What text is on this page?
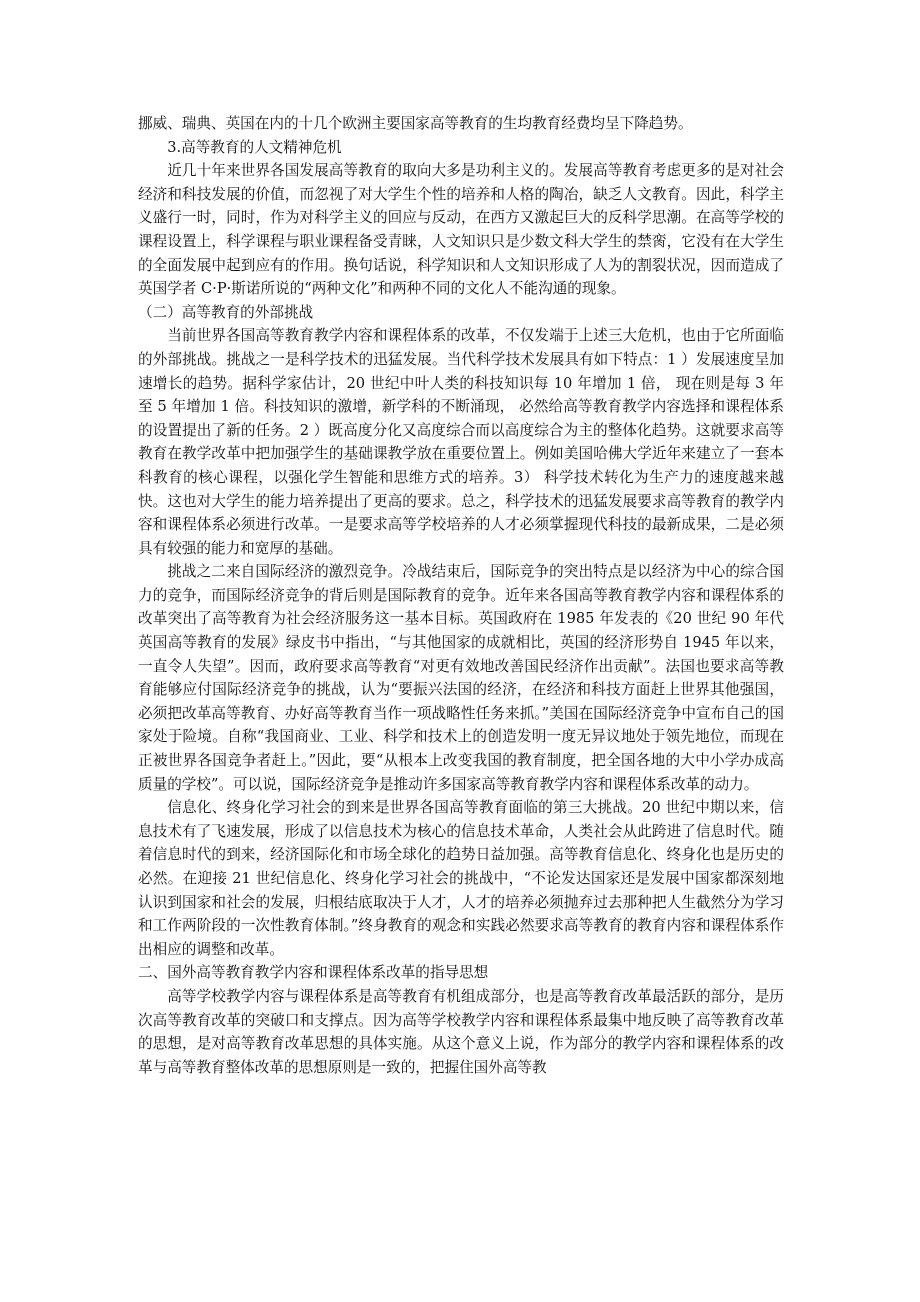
挪威、瑞典、英国在内的十几个欧洲主要国家高等教育的生均教育经费均呈下降趋势。

3.高等教育的人文精神危机

近几十年来世界各国发展高等教育的取向大多是功利主义的。发展高等教育考虑更多的是对社会经济和科技发展的价值，而忽视了对大学生个性的培养和人格的陶冶，缺乏人文教育。因此，科学主义盛行一时，同时，作为对科学主义的回应与反动，在西方又激起巨大的反科学思潮。在高等学校的课程设置上，科学课程与职业课程备受青睐，人文知识只是少数文科大学生的禁脔，它没有在大学生的全面发展中起到应有的作用。换句话说，科学知识和人文知识形成了人为的割裂状况，因而造成了英国学者 C·P·斯诺所说的“两种文化”和两种不同的文化人不能沟通的现象。

（二）高等教育的外部挑战

当前世界各国高等教育教学内容和课程体系的改革，不仅发端于上述三大危机，也由于它所面临的外部挑战。挑战之一是科学技术的迅猛发展。当代科学技术发展具有如下特点：1 ）发展速度呈加速增长的趋势。据科学家估计，20 世纪中叶人类的科技知识每 10 年增加 1 倍， 现在则是每 3 年至 5 年增加 1 倍。科技知识的激增，新学科的不断涌现， 必然给高等教育教学内容选择和课程体系的设置提出了新的任务。2 ）既高度分化又高度综合而以高度综合为主的整体化趋势。这就要求高等教育在教学改革中把加强学生的基础课教学放在重要位置上。例如美国哈佛大学近年来建立了一套本科教育的核心课程，以强化学生智能和思维方式的培养。3） 科学技术转化为生产力的速度越来越快。这也对大学生的能力培养提出了更高的要求。总之，科学技术的迅猛发展要求高等教育的教学内容和课程体系必须进行改革。一是要求高等学校培养的人才必须掌握现代科技的最新成果，二是必须具有较强的能力和宽厚的基础。

挑战之二来自国际经济的激烈竞争。冷战结束后，国际竞争的突出特点是以经济为中心的综合国力的竞争，而国际经济竞争的背后则是国际教育的竞争。近年来各国高等教育教学内容和课程体系的改革突出了高等教育为社会经济服务这一基本目标。英国政府在 1985 年发表的《20 世纪 90 年代英国高等教育的发展》绿皮书中指出，“与其他国家的成就相比，英国的经济形势自 1945 年以来，一直令人失望”。因而，政府要求高等教育“对更有效地改善国民经济作出贡献”。法国也要求高等教育能够应付国际经济竞争的挑战，认为“要振兴法国的经济，在经济和科技方面赶上世界其他强国，必须把改革高等教育、办好高等教育当作一项战略性任务来抓。”美国在国际经济竞争中宣布自己的国家处于险境。自称“我国商业、工业、科学和技术上的创造发明一度无异议地处于领先地位，而现在正被世界各国竞争者赶上。”因此，要“从根本上改变我国的教育制度，把全国各地的大中小学办成高质量的学校”。可以说，国际经济竞争是推动许多国家高等教育教学内容和课程体系改革的动力。

信息化、终身化学习社会的到来是世界各国高等教育面临的第三大挑战。20 世纪中期以来，信息技术有了飞速发展，形成了以信息技术为核心的信息技术革命，人类社会从此跨进了信息时代。随着信息时代的到来，经济国际化和市场全球化的趋势日益加强。高等教育信息化、终身化也是历史的必然。在迎接 21 世纪信息化、终身化学习社会的挑战中，“不论发达国家还是发展中国家都深刻地认识到国家和社会的发展，归根结底取决于人才，人才的培养必须抛弃过去那种把人生截然分为学习和工作两阶段的一次性教育体制。”终身教育的观念和实践必然要求高等教育的教育内容和课程体系作出相应的调整和改革。

二、国外高等教育教学内容和课程体系改革的指导思想

高等学校教学内容与课程体系是高等教育有机组成部分，也是高等教育改革最活跃的部分，是历次高等教育改革的突破口和支撑点。因为高等学校教学内容和课程体系最集中地反映了高等教育改革的思想，是对高等教育改革思想的具体实施。从这个意义上说，作为部分的教学内容和课程体系的改革与高等教育整体改革的思想原则是一致的，把握住国外高等教
